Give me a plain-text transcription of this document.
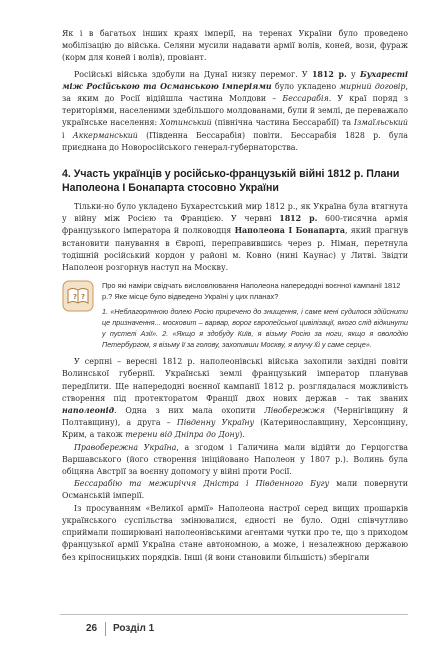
Як і в багатьох інших краях імперії, на теренах України було проведено мобілізацію до війська. Селяни мусили надавати армії волів, коней, вози, фураж (корм для коней і волів), провіант.

Російські війська здобули на Дунаї низку перемог. У 1812 р. у Бухаресті між Російською та Османською імперіями було укладено мирний договір, за яким до Росії відійшла частина Молдови – Бессарабія. У краї поряд з територіями, населеними здебільшого молдованами, були й землі, де переважало українське населення: Хотинський (північна частина Бессарабії) та Ізмаїльський і Аккерманський (Південна Бессарабія) повіти. Бессарабія 1828 р. була приєднана до Новоросійського генерал-губернаторства.

4. Участь українців у російсько-французькій війні 1812 р. Плани Наполеона І Бонапарта стосовно України

Тільки-но було укладено Бухарестський мир 1812 р., як Україна була втягнута у війну між Росією та Францією. У червні 1812 р. 600-тисячна армія французького імператора й полководця Наполеона І Бонапарта, який прагнув встановити панування в Європі, переправившись через р. Німан, перетнула тодішній російський кордон у районі м. Ковно (нині Каунас) у Литві. Звідти Наполеон розгорнув наступ на Москву.

? ?
Про які наміри свідчать висловлювання Наполеона напередодні воєнної кампанії 1812 р.? Яке місце було відведено Україні у цих планах?
1. «Неблагорлнною долею Росію приречено до знищення, і саме мені судилося здійснити це призначення... московит – варвар, ворог європейської цивілізації, якого слід відкинути у пустелі Азії». 2. «Якщо я здобуду Київ, я візьму Росію за ноги, якщо я оволодію Петербургом, я візьму її за голову, захопивши Москву, я влучу їй у саме серце».

У серпні – вересні 1812 р. наполеонівські війська захопили західні повіти Волинської губернії. Українські землі французький імператор планував передїлити. Ще напередодні воєнної кампанії 1812 р. розглядалася можливість створення під протекторатом Франції двох нових держав – так званих наполеонід. Одна з них мала охопити Лівобережжя (Чернігівщину й Полтавщину), а друга – Південну Україну (Катеринославщину, Херсонщину, Крим, а також терени від Дніпра до Дону).

Правобережна Україна, а згодом і Галичина мали відійти до Герцогства Варшавського (його створення ініційовано Наполеон у 1807 р.). Волинь була обіцяна Австрії за воєнну допомогу у війні проти Росії.

Бессарабію та межиріччя Дністра і Південного Бугу мали повернути Османській імперії.

Із просуванням «Великої армії» Наполеона настрої серед вищих прошарків українського суспільства змінювалися, єдності не було. Одні співчутливо сприймали поширювані наполеонівськими агентами чутки про те, що з приходом французької армії Україна стане автономною, а може, і незалежною державою без кріпосницьких порядків. Інші (й вони становили більшість) зберігали

26 Розділ 1
